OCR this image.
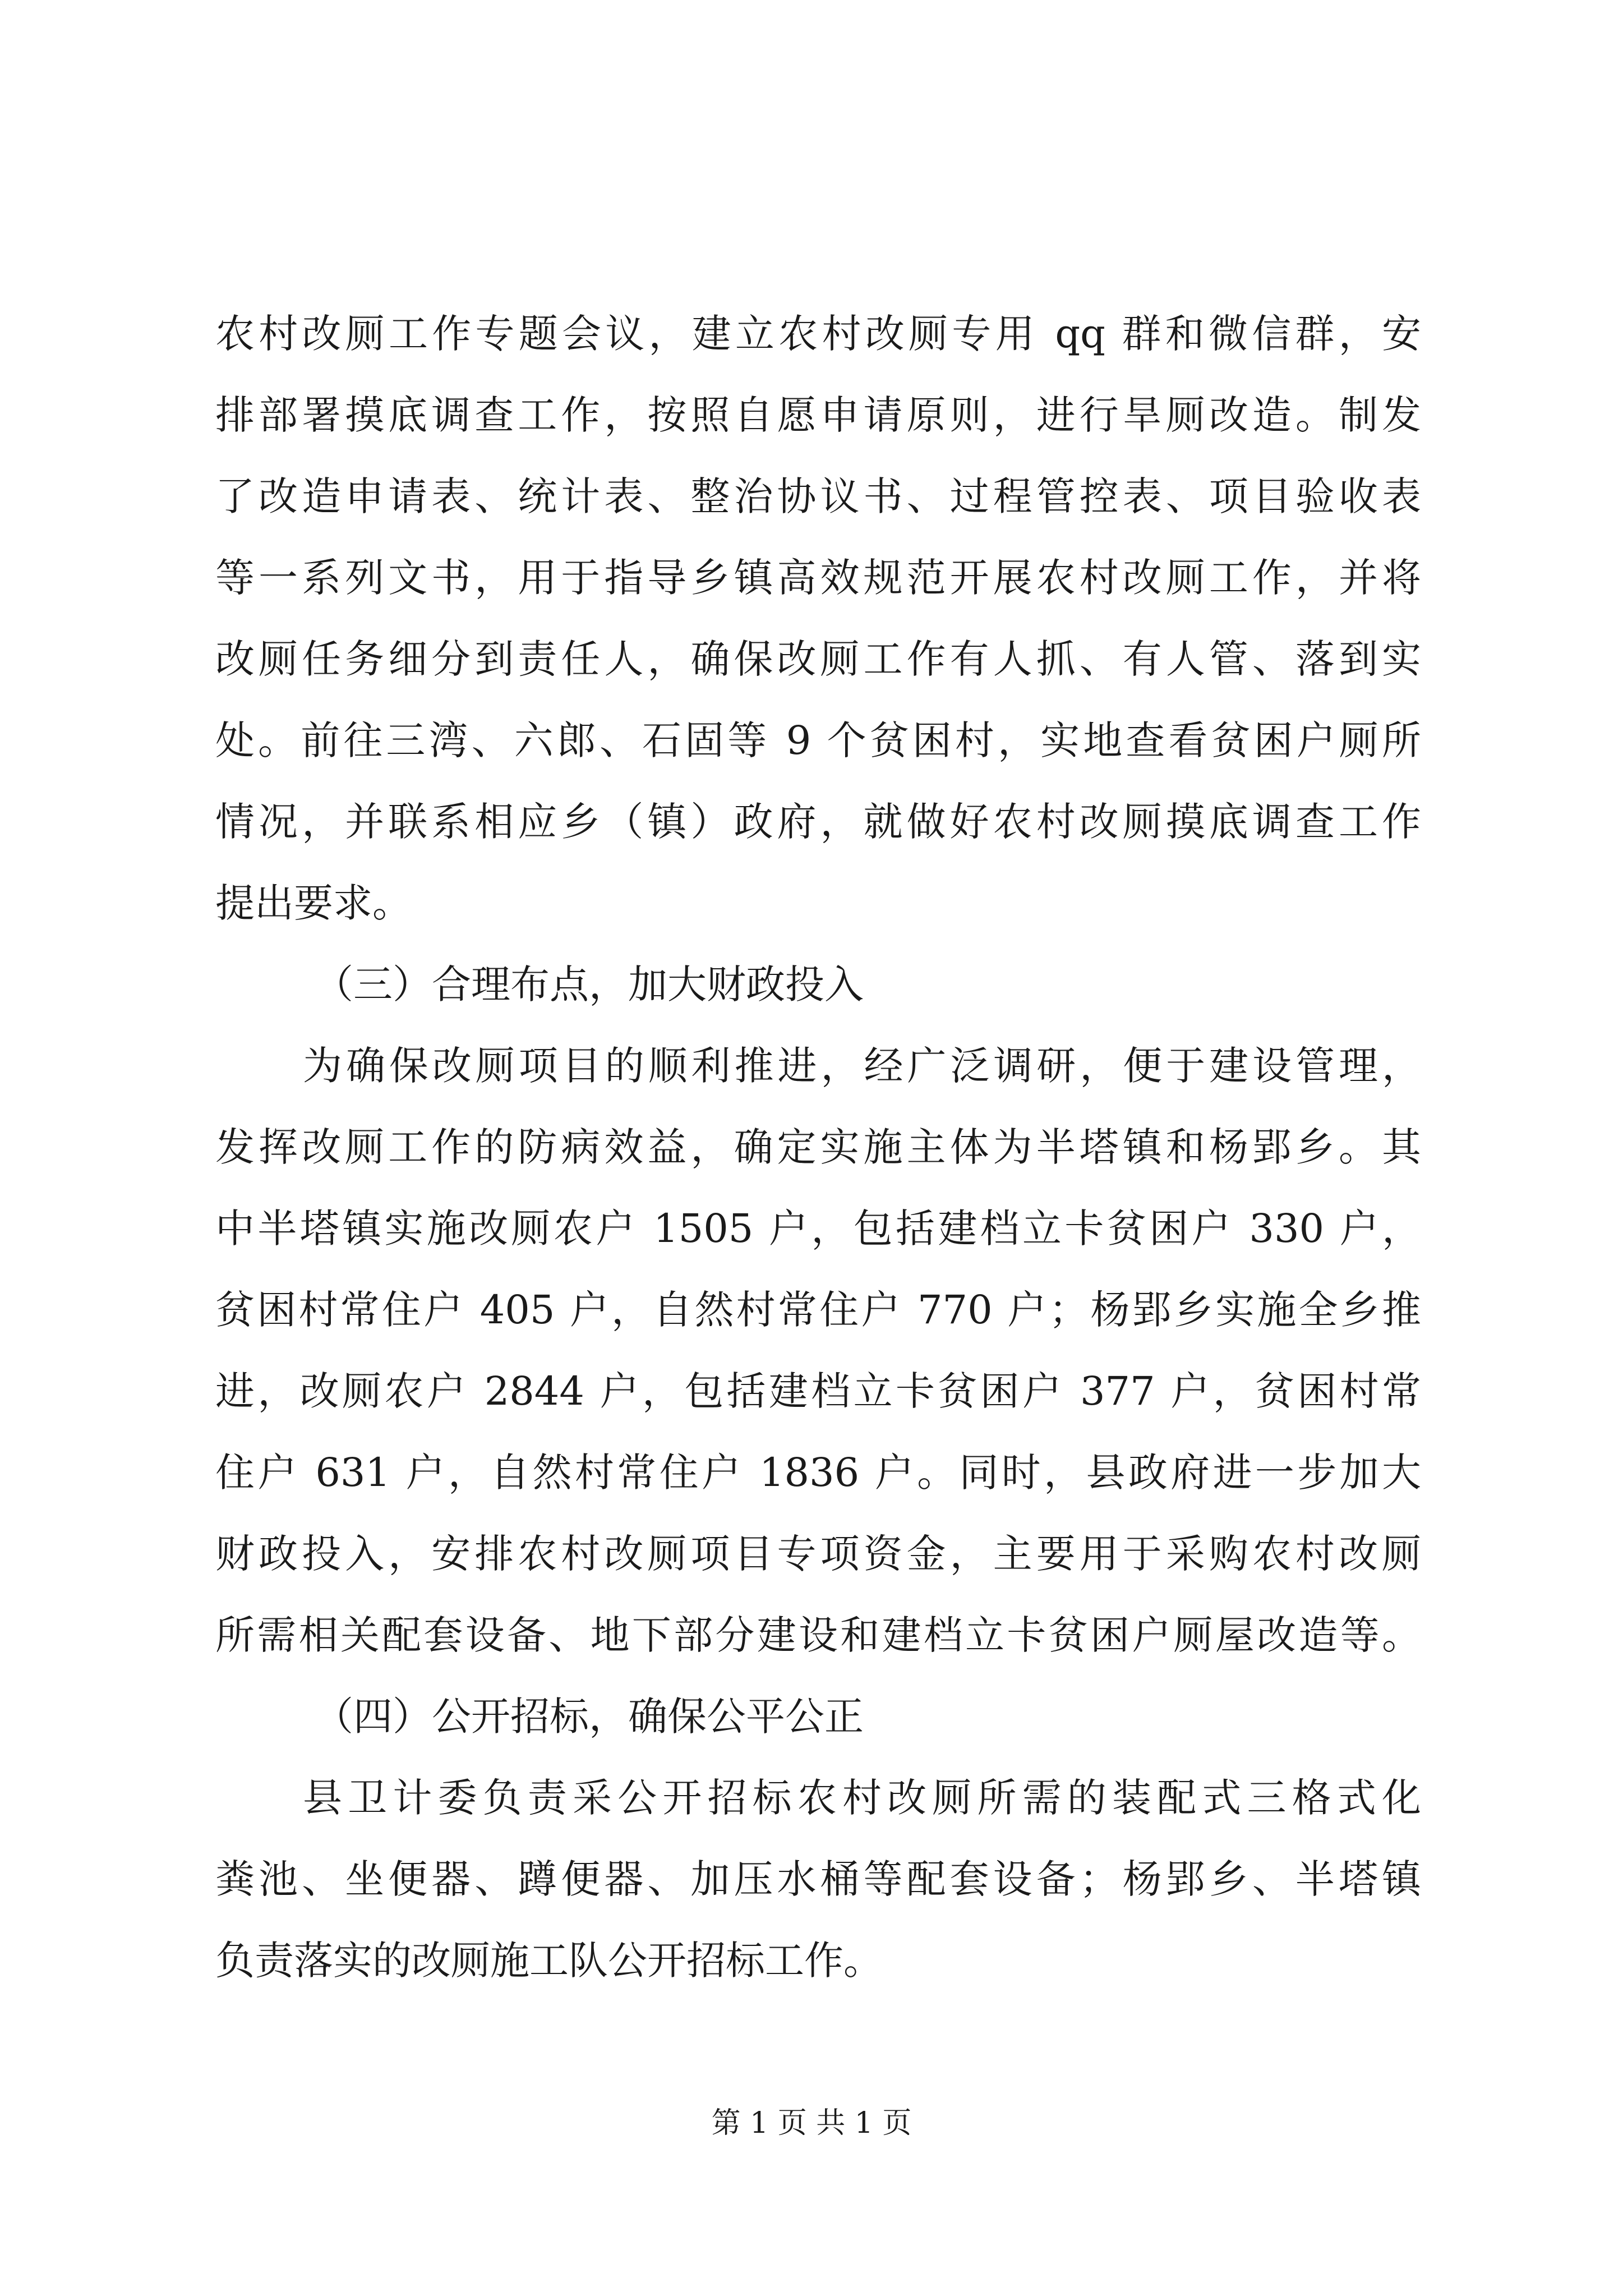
农村改厕工作专题会议，建立农村改厕专用 qq 群和微信群，安
排部署摸底调查工作，按照自愿申请原则，进行旱厕改造。制发
了改造申请表、统计表、整治协议书、过程管控表、项目验收表
等一系列文书，用于指导乡镇高效规范开展农村改厕工作，并将
改厕任务细分到责任人，确保改厕工作有人抓、有人管、落到实
处。前往三湾、六郎、石固等 9 个贫困村，实地查看贫困户厕所
情况，并联系相应乡（镇）政府，就做好农村改厕摸底调查工作
提出要求。
（三）合理布点，加大财政投入
为确保改厕项目的顺利推进，经广泛调研，便于建设管理，
发挥改厕工作的防病效益，确定实施主体为半塔镇和杨郢乡。其
中半塔镇实施改厕农户 1505 户，包括建档立卡贫困户 330 户，
贫困村常住户 405 户，自然村常住户 770 户；杨郢乡实施全乡推
进，改厕农户 2844 户，包括建档立卡贫困户 377 户，贫困村常
住户 631 户，自然村常住户 1836 户。同时，县政府进一步加大
财政投入，安排农村改厕项目专项资金，主要用于采购农村改厕
所需相关配套设备、地下部分建设和建档立卡贫困户厕屋改造等。
（四）公开招标，确保公平公正
县卫计委负责采公开招标农村改厕所需的装配式三格式化
粪池、坐便器、蹲便器、加压水桶等配套设备；杨郢乡、半塔镇
负责落实的改厕施工队公开招标工作。
第 1 页 共 1 页
